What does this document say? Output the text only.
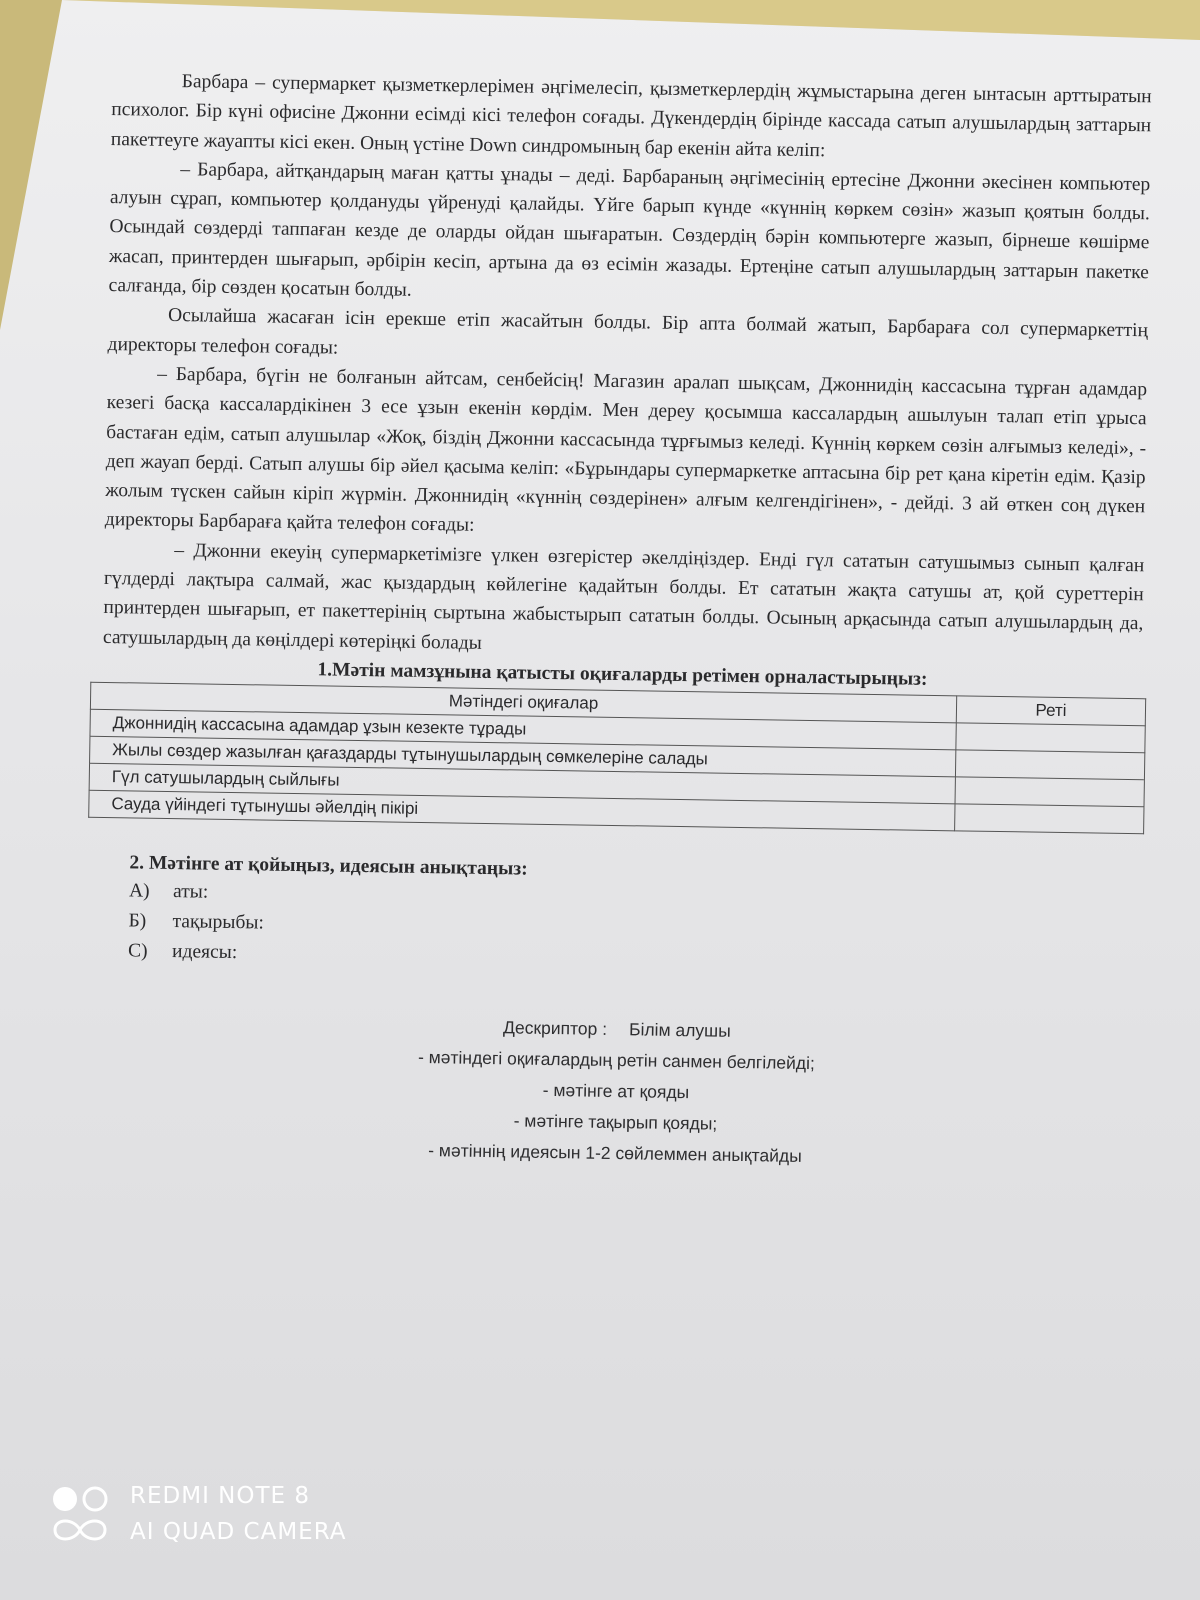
Барбара – супермаркет қызметкерлерімен әңгімелесіп, қызметкерлердің жұмыстарына деген ынтасын арттыратын психолог. Бір күні офисіне Джонни есімді кісі телефон соғады. Дүкендердің бірінде кассада сатып алушылардың заттарын пакеттеуге жауапты кісі екен. Оның үстіне Down синдромының бар екенін айта келіп:

– Барбара, айтқандарың маған қатты ұнады – деді. Барбараның әңгімесінің ертесіне Джонни әкесінен компьютер алуын сұрап, компьютер қолдануды үйренуді қалайды. Үйге барып күнде «күннің көркем сөзін» жазып қоятын болды. Осындай сөздерді таппаған кезде де оларды ойдан шығаратын. Сөздердің бәрін компьютерге жазып, бірнеше көшірме жасап, принтерден шығарып, әрбірін кесіп, артына да өз есімін жазады. Ертеңіне сатып алушылардың заттарын пакетке салғанда, бір сөзден қосатын болды.

Осылайша жасаған ісін ерекше етіп жасайтын болды. Бір апта болмай жатып, Барбараға сол супермаркеттің директоры телефон соғады:

– Барбара, бүгін не болғанын айтсам, сенбейсің! Магазин аралап шықсам, Джоннидің кассасына тұрған адамдар кезегі басқа кассалардікінен 3 есе ұзын екенін көрдім. Мен дереу қосымша кассалардың ашылуын талап етіп ұрыса бастаған едім, сатып алушылар «Жоқ, біздің Джонни кассасында тұрғымыз келеді. Күннің көркем сөзін алғымыз келеді», - деп жауап берді. Сатып алушы бір әйел қасыма келіп: «Бұрындары супермаркетке аптасына бір рет қана кіретін едім. Қазір жолым түскен сайын кіріп жүрмін. Джоннидің «күннің сөздерінен» алғым келгендігінен», - дейді. 3 ай өткен соң дүкен директоры Барбараға қайта телефон соғады:

– Джонни екеуің супермаркетімізге үлкен өзгерістер әкелдіңіздер. Енді гүл сататын сатушымыз сынып қалған гүлдерді лақтыра салмай, жас қыздардың көйлегіне қадайтын болды. Ет сататын жақта сатушы ат, қой суреттерін принтерден шығарып, ет пакеттерінің сыртына жабыстырып сататын болды. Осының арқасында сатып алушылардың да, сатушылардың да көңілдері көтеріңкі болады

1.Мәтін мамзұнына қатысты оқиғаларды ретімен орналастырыңыз:
Мәтіндегі оқиғалар	Реті
Джоннидің кассасына адамдар ұзын кезекте тұрады	
Жылы сөздер жазылған қағаздарды тұтынушылардың сөмкелеріне салады	
Гүл сатушылардың сыйлығы	
Сауда үйіндегі тұтынушы әйелдің пікірі	
2. Мәтінге ат қойыңыз, идеясын анықтаңыз:
А) аты:
Б) тақырыбы:
С) идеясы:
Дескриптор : Білім алушы
- мәтіндегі оқиғалардың ретін санмен белгілейді;
- мәтінге ат қояды
- мәтінге тақырып қояды;
- мәтіннің идеясын 1-2 сөйлеммен анықтайды
REDMI NOTE 8
AI QUAD CAMERA
